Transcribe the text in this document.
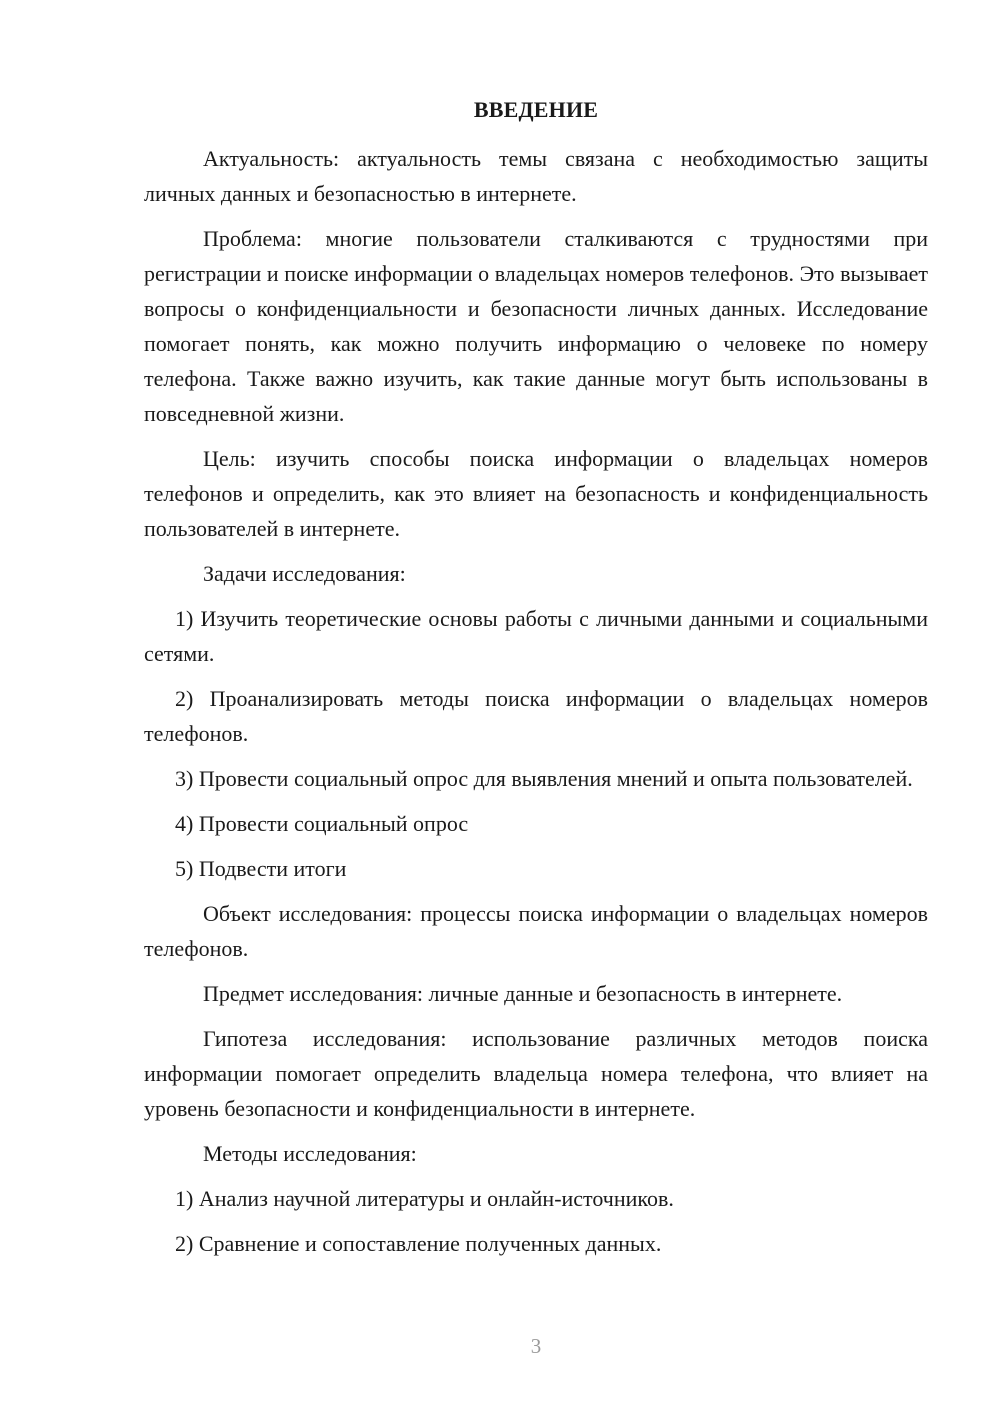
ВВЕДЕНИЕ

Актуальность: актуальность темы связана с необходимостью защиты личных данных и безопасностью в интернете.

Проблема: многие пользователи сталкиваются с трудностями при регистрации и поиске информации о владельцах номеров телефонов. Это вызывает вопросы о конфиденциальности и безопасности личных данных. Исследование помогает понять, как можно получить информацию о человеке по номеру телефона. Также важно изучить, как такие данные могут быть использованы в повседневной жизни.

Цель: изучить способы поиска информации о владельцах номеров телефонов и определить, как это влияет на безопасность и конфиденциальность пользователей в интернете.

Задачи исследования:

1) Изучить теоретические основы работы с личными данными и социальными сетями.

2) Проанализировать методы поиска информации о владельцах номеров телефонов.

3) Провести социальный опрос для выявления мнений и опыта пользователей.

4) Провести социальный опрос

5) Подвести итоги

Объект исследования: процессы поиска информации о владельцах номеров телефонов.

Предмет исследования: личные данные и безопасность в интернете.

Гипотеза исследования: использование различных методов поиска информации помогает определить владельца номера телефона, что влияет на уровень безопасности и конфиденциальности в интернете.

Методы исследования:

1) Анализ научной литературы и онлайн-источников.

2) Сравнение и сопоставление полученных данных.

3
